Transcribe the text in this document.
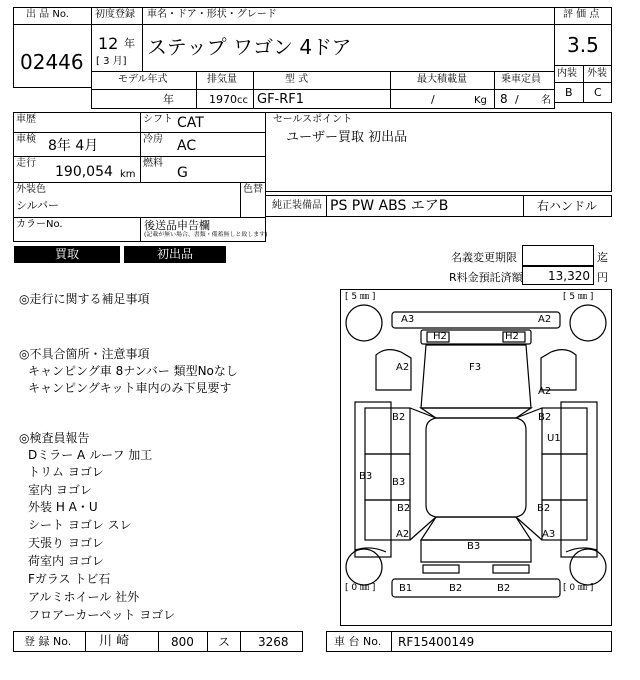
出 品 No.
02446
初度登録 車名・ドア・形状・グレード
12 年
[ 3 月]
ステップ ワゴン 4ドア
評 価 点
3.5
内装 外装
B C
モデル年式	排気量	型 式	最大積載量	乗車定員
年	1970 cc GF-RF1	/	Kg 8 / 名
車歴	シフト CAT
車検 8年 4月	冷房 AC
走行
190,054 km
燃料
G
外装色
シルバー
色替
カラーNo.	後送品申告欄
(記載が無い場合、書類・備蓄無しと致します)
セールスポイント
ユーザー買取 初出品
純正装備品 PS PW ABS エアB	右ハンドル
買取	初出品	名義変更期限	迄
R料金預託済額	13,320 円
◎走行に関する補足事項
◎不具合箇所・注意事項
キャンピング車 8ナンバー 類型Noなし
キャンピングキット車内のみ下見要す
◎検査員報告
Dミラー A ルーフ 加工
トリム ヨゴレ
室内 ヨゴレ
外装 H A・U
シート ヨゴレ スレ
天張り ヨゴレ
荷室内 ヨゴレ
Fガラス トビ石
アルミホイール 社外
フロアーカーペット ヨゴレ
[ 5 ㎜ ]	[ 5 ㎜ ]
[ 0 ㎜ ]	[ 0 ㎜ ]
A3	A2
H2	H2
A2	F3
A2
B2	B2
U1
B3
B3
B2	B2
A2	A3
B3
B1	B2	B2
登 録 No. 川 崎	800 ス 3268	車 台 No. RF15400149
